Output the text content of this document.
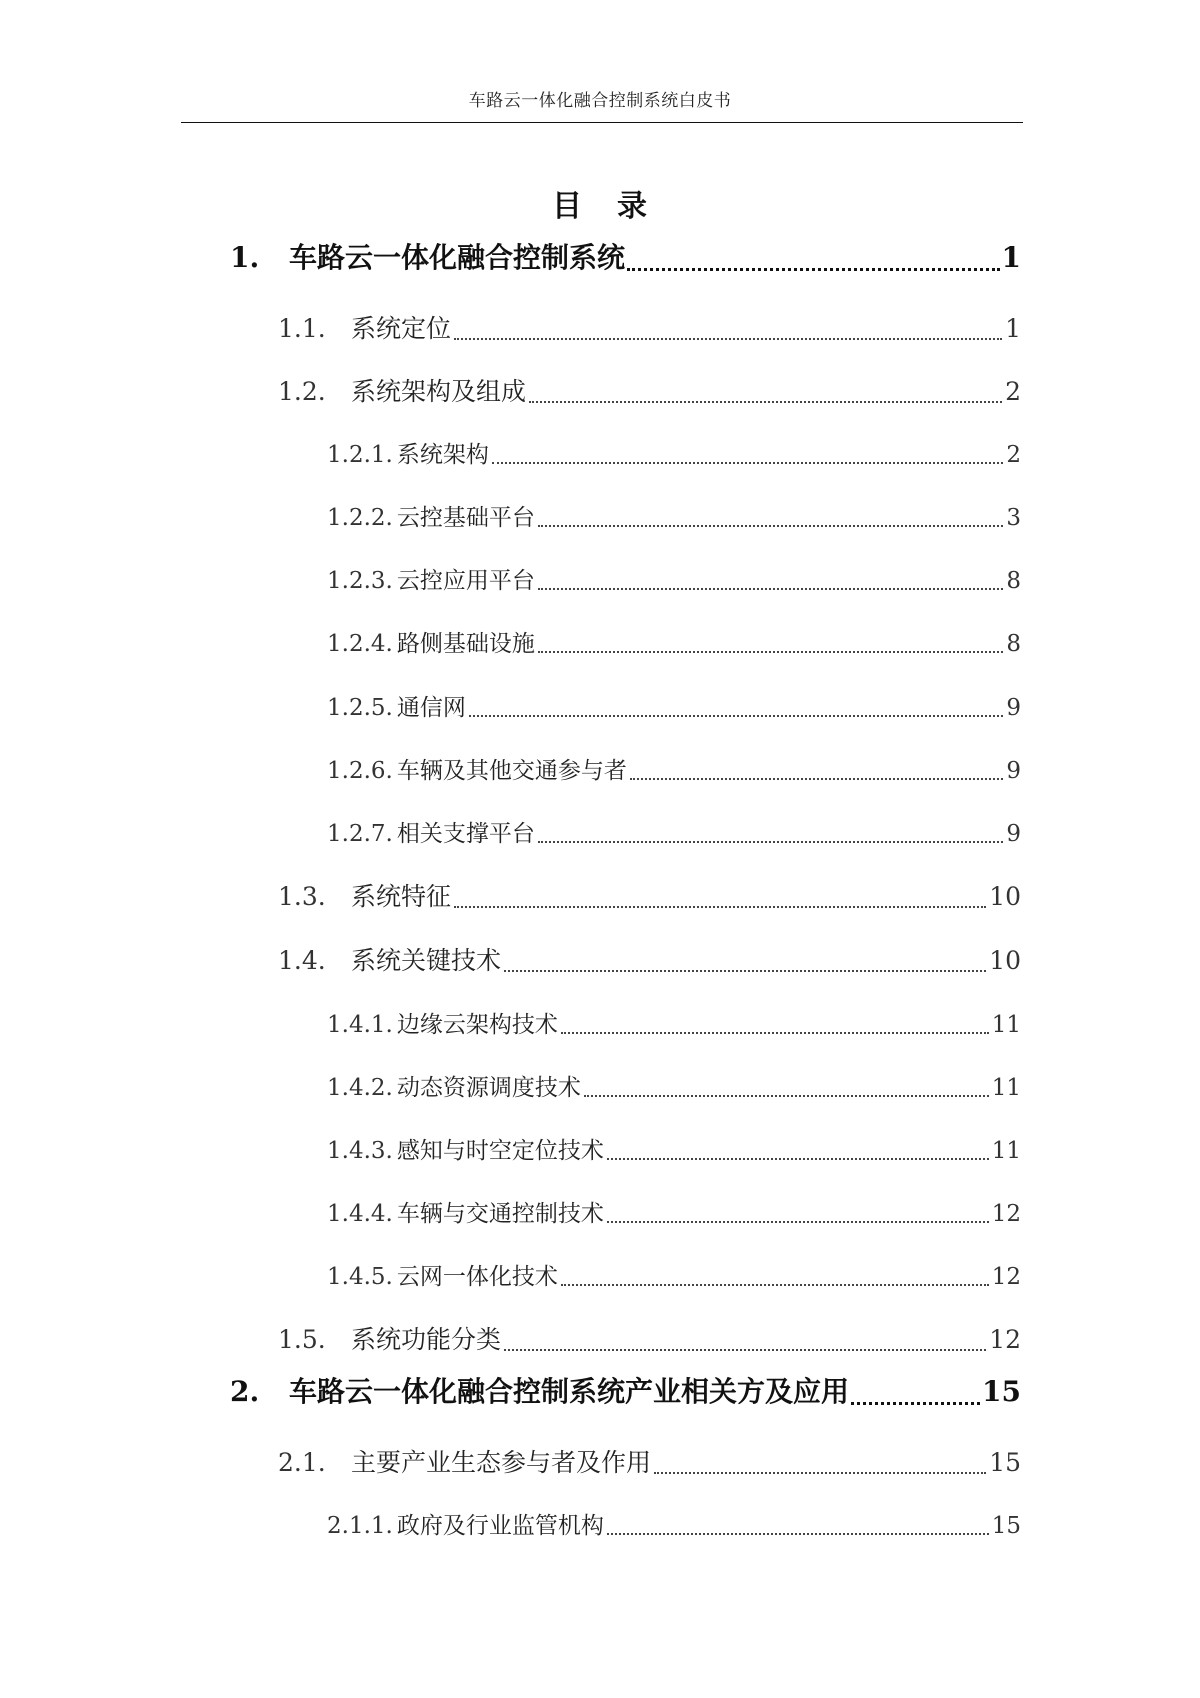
车路云一体化融合控制系统白皮书
目 录
1.	车路云一体化融合控制系统	1
1.1.	系统定位	1
1.2.	系统架构及组成	2
1.2.1. 系统架构	2
1.2.2. 云控基础平台	3
1.2.3. 云控应用平台	8
1.2.4. 路侧基础设施	8
1.2.5. 通信网	9
1.2.6. 车辆及其他交通参与者	9
1.2.7. 相关支撑平台	9
1.3.	系统特征	10
1.4.	系统关键技术	10
1.4.1. 边缘云架构技术	11
1.4.2. 动态资源调度技术	11
1.4.3. 感知与时空定位技术	11
1.4.4. 车辆与交通控制技术	12
1.4.5. 云网一体化技术	12
1.5.	系统功能分类	12
2.	车路云一体化融合控制系统产业相关方及应用	15
2.1.	主要产业生态参与者及作用	15
2.1.1. 政府及行业监管机构	15
